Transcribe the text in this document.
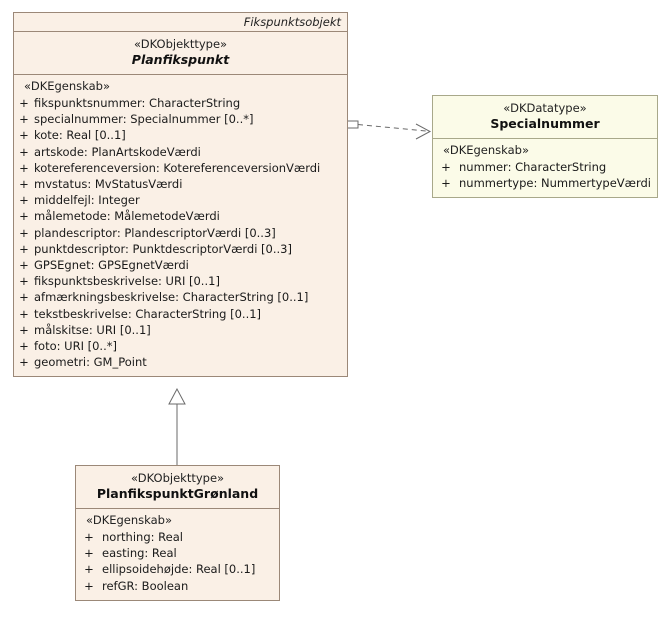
Fikspunktsobjekt
«DKObjekttype»
Planfikspunkt
«DKEgenskab»
+ fikspunktsnummer: CharacterString
+ specialnummer: Specialnummer [0..*]
+ kote: Real [0..1]
+ artskode: PlanArtskodeVærdi
+ kotereferenceversion: KotereferenceversionVærdi
+ mvstatus: MvStatusVærdi
+ middelfejl: Integer
+ målemetode: MålemetodeVærdi
+ plandescriptor: PlandescriptorVærdi [0..3]
+ punktdescriptor: PunktdescriptorVærdi [0..3]
+ GPSEgnet: GPSEgnetVærdi
+ fikspunktsbeskrivelse: URI [0..1]
+ afmærkningsbeskrivelse: CharacterString [0..1]
+ tekstbeskrivelse: CharacterString [0..1]
+ målskitse: URI [0..1]
+ foto: URI [0..*]
+ geometri: GM_Point
«DKDatatype»
Specialnummer
«DKEgenskab»
+ nummer: CharacterString
+ nummertype: NummertypeVærdi
«DKObjekttype»
PlanfikspunktGrønland
«DKEgenskab»
+ northing: Real
+ easting: Real
+ ellipsoidehøjde: Real [0..1]
+ refGR: Boolean
